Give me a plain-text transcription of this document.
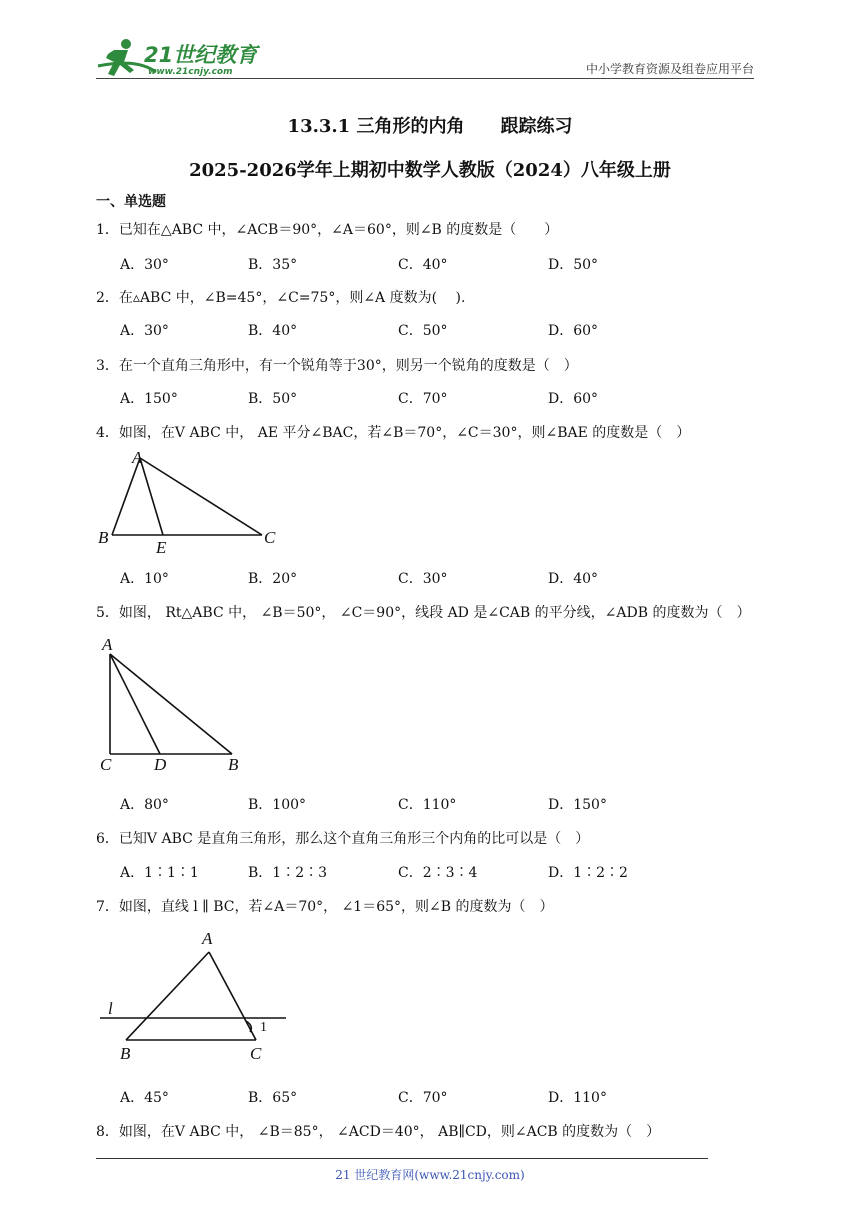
21世纪教育
www.21cnjy.com	中小学教育资源及组卷应用平台
13.3.1 三角形的内角 跟踪练习
2025-2026学年上期初中数学人教版（2024）八年级上册
一、单选题
1．已知在△ABC 中，∠ACB＝90°，∠A＝60°，则∠B 的度数是（　　）
A．30°	B．35°	C．40°	D．50°
2．在▵ABC 中，∠B=45°，∠C=75°，则∠A 度数为(　 ).
A．30°	B．40°	C．50°	D．60°
3．在一个直角三角形中，有一个锐角等于30°，则另一个锐角的度数是（　）
A．150°	B．50°	C．70°	D．60°
4．如图，在V ABC 中， AE 平分∠BAC，若∠B＝70°，∠C＝30°，则∠BAE 的度数是（　）
A
B
E
C
A．10°	B．20°	C．30°	D．40°
5．如图， Rt△ABC 中， ∠B＝50°， ∠C＝90°，线段 AD 是∠CAB 的平分线，∠ADB 的度数为（　）
A
C	D	B
A．80°	B．100°	C．110°	D．150°
6．已知V ABC 是直角三角形，那么这个直角三角形三个内角的比可以是（　）
A．1∶1∶1	B．1∶2∶3	C．2∶3∶4	D．1∶2∶2
7．如图，直线 l ∥ BC，若∠A＝70°， ∠1＝65°，则∠B 的度数为（　）
A
l
1
B	C
A．45°	B．65°	C．70°	D．110°
8．如图，在V ABC 中， ∠B＝85°， ∠ACD＝40°， AB∥CD，则∠ACB 的度数为（　）
21 世纪教育网(www.21cnjy.com)
